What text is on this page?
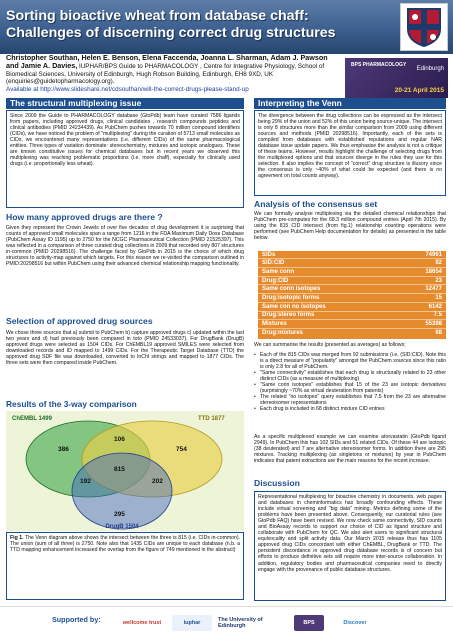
Sorting bioactive wheat from database chaff: Challenges of discerning correct drug structures
BPS PHARMACOLOGY
Edinburgh
20-21 April 2015
Christopher Southan, Helen E. Benson, Elena Faccenda, Joanna L. Sharman, Adam J. Pawson and Jamie A. Davies, IUPHAR/BPS Guide to PHARMACOLOGY , Centre for Integrative Physiology, School of Biomedical Sciences, University of Edinburgh, Hugh Robson Building, Edinburgh, EH8 9XD, UK (enquiries@guidetopharmacology.org).
Available at http://www.slideshare.net/cdsouthan/will-the-correct-drugs-please-stand-up
The structural multiplexing issue
Since 2009 the Guide to PHARMACOLOGY database (GtoPdb) team have curated 7586 ligands from papers, including approved drugs, clinical candidates , research compounds peptides and clinical antibodies (PMID 24234439). As PubChem pushes towards 70 million compound identifiers (CIDs), we have noticed the problem of "multiplexing" during the curation of 5713 small molecules as CIDs, we encountered many representations (i.e. different CIDs) of the same pharmacological entities. Three types of variation dominate: stereochemistry, mixtures and isotopic analogues. These are known constitutive issues for chemical databases but in recent years we observed this multiplexing was reaching problematic proportions (i.e. more chaff), especially for clinically used drugs (i.e. proportionally less wheat).
How many approved drugs are there ?
Given they represent the Crown Jewels of over five decades of drug development it is surprising that counts of approved small molecules span a range from 1216 in the FDA Maximum Daily Dose Database (PubChem Assay ID 1195) up to 2750 for the NCGC Pharmaceutical Collection (PMID 21525397). This was reflected in a comparison of three curated drug collections in 2009 that recorded only 807 structures in-common (PMID 20298516). The challenge faced by GtoPdb in 2015 is the choice of which drug structures to activity-map against which targets. For this reason we re-visited the comparison outlined in PMID:20298516 but within PubChem using their advanced chemical relationship mapping functionality.
Selection of approved drug sources
We chose three sources that a) submit to PubChem b) capture approved drugs c) updated within the last two years and d) had previously been compared in toto (PMID 24533037). For DrugBank (DrugB) approved drugs were selected as 1504 CIDs. For ChEMBL19 approved SMILES were selected from downloaded records and ID mapped to 1499 CIDs. For the Therapeutic Target Database (TTD) the approved drug SDF file was downloaded, converted to InChI strings and mapped to 1877 CIDs. The three sets were then compared inside PubChem.
Results of the 3-way comparison
ChEMBL 1499	TTD 1877
DrugB 1504
386	754
295
106
192	202
815
Fig 1. The Venn diagram above shows the intersect between the three is 815 (i.e. CIDs in-common). The union (sum of all three) is 2750. Note also that 1435 CIDs are unique to each database (n.b. a TTD mapping enhancement increased the overlap from the figure of 749 mentioned in the abstract)
Interpreting the Venn
The divergence between the drug collections can be expressed as the intersect being 29% of the union and 52% of this union being source-unique. The intersect is only 8 structures more than the similar comparison from 2009 using different sources and methods (PMID 20298516). Importantly, each of the sets is compiled from databases with established reputations and regular NAR database issue update papers. We thus emphasise the analysis is not a critique of these teams. However, results highlight the challenge of selecting drugs from the multiplexed options and that sources diverge in the rules they use for this selection. It also implies the concept of "correct" drug structure is illusory since the consensus is only ~40% of what could be expected (and there is no agreement on total counts anyway).
Analysis of the consensus set
We can formally analyse multiplexing via the detailed chemical relationships that PubChem pre-computes for the 68.3 million compound entries (April 7th 2015). By using the 815 CID intersect (from fig.1) relationship counting operations were performed (see PubChem Help documentation for details) as presented in the table below.
SIDs	74961
SID:CID	92
Same conn	18654
Drug:CID	23
Same conn isotopes	12477
Drug:isotopic forms	15
Same con no isotopes	6142
Drug:stereo forms	7.5
Mixtures	55398
Drug:mixtures	68
We can summarise the results (presented as averages) as follows;
• Each of the 815 CIDs was merged from 92 submissions (i.e. (SID:CID). Note this is a direct measure of "popularity" amongst the PubChem sources since this ratio is only 2.8 for all of PubChem.
• "Same connectivity" establishes that each drug is structurally related to 23 other distinct CIDs (as a measure of multiplexing)
• "Same conn isotopes" establishes that 15 of the 23 are isotopic derivatives (surprisingly ~70% as virtual deuteration from patents)
• The related "no isotopes" query establishes that 7.5 from the 23 are alternative stereoisomer representations
• Each drug is included in 68 distinct mixture CID entries
As a specific multiplexed example we can examine atorvastatin (GtoPdb ligand 2949). In PubChem this has 102 SIDs and 51 related CIDs. Of these 44 are isotopic (38 deuterated) and 7 are alternative stereoisomer forms. In addition there are 295 mixtures. Tracking multiplexing (as singletons or mixtures) by year in PubChem indicates that patent extractions are the main reasons for the recent increase.
Discussion
Representational multiplexing for bioactive chemistry in documents, web pages and databases in cheminformatics has broadly confounding effects. These include virtual screening and "big data" mining. Metrics defining some of the problems have been presented above. Consequently, our curatorial rules (see GtoPdb FAQ) have been revised. We now check same connectivity, SID counts and BioAssay records to support our choice of CID as ligand structure and collaborate with PubChem for QC. We also alert users to significant structural equivocality and split activity data. Our March 2015 release thus has 1105 approved drug CIDs concordant with either ChEMBL, DrugBank or TTD. The persistent discordance in approved drug database records is of concern but efforts to produce definitive sets will require more inter-source collaboration. In addition, regulatory bodies and pharmaceutical companies need to directly engage with the provenance of public database structures.
Supported by:	wellcome trust	iuphar	The University of Edinburgh	BPS	Discover
